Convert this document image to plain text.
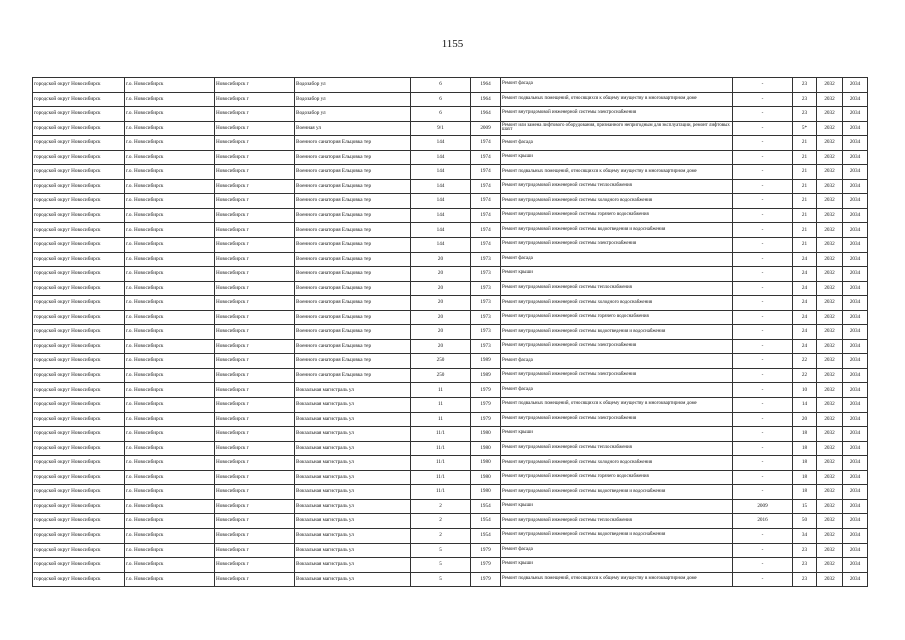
1155
городской округ Новосибирск	г.о. Новосибирск	Новосибирск г	Водозабор ул	6	1964	Ремонт фасада	-	23	2032	2034
городской округ Новосибирск	г.о. Новосибирск	Новосибирск г	Водозабор ул	6	1964	Ремонт подвальных помещений, относящихся к общему имуществу в многоквартирном доме	-	23	2032	2034
городской округ Новосибирск	г.о. Новосибирск	Новосибирск г	Водозабор ул	6	1964	Ремонт внутридомовой инженерной системы электроснабжения	-	23	2032	2034
городской округ Новосибирск	г.о. Новосибирск	Новосибирск г	Военная ул	9/1	2009	Ремонт или замена лифтового оборудования, признанного непригодным для эксплуатации, ремонт лифтовых шахт	-	5*	2032	2034
городской округ Новосибирск	г.о. Новосибирск	Новосибирск г	Военного санатория Ельцовка тер	144	1974	Ремонт фасада	-	21	2032	2034
городской округ Новосибирск	г.о. Новосибирск	Новосибирск г	Военного санатория Ельцовка тер	144	1974	Ремонт крыши	-	21	2032	2034
городской округ Новосибирск	г.о. Новосибирск	Новосибирск г	Военного санатория Ельцовка тер	144	1974	Ремонт подвальных помещений, относящихся к общему имуществу в многоквартирном доме	-	21	2032	2034
городской округ Новосибирск	г.о. Новосибирск	Новосибирск г	Военного санатория Ельцовка тер	144	1974	Ремонт внутридомовой инженерной системы теплоснабжения	-	21	2032	2034
городской округ Новосибирск	г.о. Новосибирск	Новосибирск г	Военного санатория Ельцовка тер	144	1974	Ремонт внутридомовой инженерной системы холодного водоснабжения	-	21	2032	2034
городской округ Новосибирск	г.о. Новосибирск	Новосибирск г	Военного санатория Ельцовка тер	144	1974	Ремонт внутридомовой инженерной системы горячего водоснабжения	-	21	2032	2034
городской округ Новосибирск	г.о. Новосибирск	Новосибирск г	Военного санатория Ельцовка тер	144	1974	Ремонт внутридомовой инженерной системы водоотведения и водоснабжения	-	21	2032	2034
городской округ Новосибирск	г.о. Новосибирск	Новосибирск г	Военного санатория Ельцовка тер	144	1974	Ремонт внутридомовой инженерной системы электроснабжения	-	21	2032	2034
городской округ Новосибирск	г.о. Новосибирск	Новосибирск г	Военного санатория Ельцовка тер	20	1973	Ремонт фасада	-	24	2032	2034
городской округ Новосибирск	г.о. Новосибирск	Новосибирск г	Военного санатория Ельцовка тер	20	1973	Ремонт крыши	-	24	2032	2034
городской округ Новосибирск	г.о. Новосибирск	Новосибирск г	Военного санатория Ельцовка тер	20	1973	Ремонт внутридомовой инженерной системы теплоснабжения	-	24	2032	2034
городской округ Новосибирск	г.о. Новосибирск	Новосибирск г	Военного санатория Ельцовка тер	20	1973	Ремонт внутридомовой инженерной системы холодного водоснабжения	-	24	2032	2034
городской округ Новосибирск	г.о. Новосибирск	Новосибирск г	Военного санатория Ельцовка тер	20	1973	Ремонт внутридомовой инженерной системы горячего водоснабжения	-	24	2032	2034
городской округ Новосибирск	г.о. Новосибирск	Новосибирск г	Военного санатория Ельцовка тер	20	1973	Ремонт внутридомовой инженерной системы водоотведения и водоснабжения	-	24	2032	2034
городской округ Новосибирск	г.о. Новосибирск	Новосибирск г	Военного санатория Ельцовка тер	20	1973	Ремонт внутридомовой инженерной системы электроснабжения	-	24	2032	2034
городской округ Новосибирск	г.о. Новосибирск	Новосибирск г	Военного санатория Ельцовка тер	250	1989	Ремонт фасада	-	22	2032	2034
городской округ Новосибирск	г.о. Новосибирск	Новосибирск г	Военного санатория Ельцовка тер	250	1989	Ремонт внутридомовой инженерной системы электроснабжения	-	22	2032	2034
городской округ Новосибирск	г.о. Новосибирск	Новосибирск г	Вокзальная магистраль ул	11	1979	Ремонт фасада	-	10	2032	2034
городской округ Новосибирск	г.о. Новосибирск	Новосибирск г	Вокзальная магистраль ул	11	1979	Ремонт подвальных помещений, относящихся к общему имуществу в многоквартирном доме	-	14	2032	2034
городской округ Новосибирск	г.о. Новосибирск	Новосибирск г	Вокзальная магистраль ул	11	1979	Ремонт внутридомовой инженерной системы электроснабжения	-	20	2032	2034
городской округ Новосибирск	г.о. Новосибирск	Новосибирск г	Вокзальная магистраль ул	11/1	1980	Ремонт крыши	-	18	2032	2034
городской округ Новосибирск	г.о. Новосибирск	Новосибирск г	Вокзальная магистраль ул	11/1	1980	Ремонт внутридомовой инженерной системы теплоснабжения	-	18	2032	2034
городской округ Новосибирск	г.о. Новосибирск	Новосибирск г	Вокзальная магистраль ул	11/1	1980	Ремонт внутридомовой инженерной системы холодного водоснабжения	-	18	2032	2034
городской округ Новосибирск	г.о. Новосибирск	Новосибирск г	Вокзальная магистраль ул	11/1	1980	Ремонт внутридомовой инженерной системы горячего водоснабжения	-	18	2032	2034
городской округ Новосибирск	г.о. Новосибирск	Новосибирск г	Вокзальная магистраль ул	11/1	1980	Ремонт внутридомовой инженерной системы водоотведения и водоснабжения	-	18	2032	2034
городской округ Новосибирск	г.о. Новосибирск	Новосибирск г	Вокзальная магистраль ул	2	1954	Ремонт крыши	2009	15	2032	2034
городской округ Новосибирск	г.о. Новосибирск	Новосибирск г	Вокзальная магистраль ул	2	1954	Ремонт внутридомовой инженерной системы теплоснабжения	2016	50	2032	2034
городской округ Новосибирск	г.о. Новосибирск	Новосибирск г	Вокзальная магистраль ул	2	1954	Ремонт внутридомовой инженерной системы водоотведения и водоснабжения	-	34	2032	2034
городской округ Новосибирск	г.о. Новосибирск	Новосибирск г	Вокзальная магистраль ул	5	1979	Ремонт фасада	-	23	2032	2034
городской округ Новосибирск	г.о. Новосибирск	Новосибирск г	Вокзальная магистраль ул	5	1979	Ремонт крыши	-	23	2032	2034
городской округ Новосибирск	г.о. Новосибирск	Новосибирск г	Вокзальная магистраль ул	5	1979	Ремонт подвальных помещений, относящихся к общему имуществу в многоквартирном доме	-	23	2032	2034
